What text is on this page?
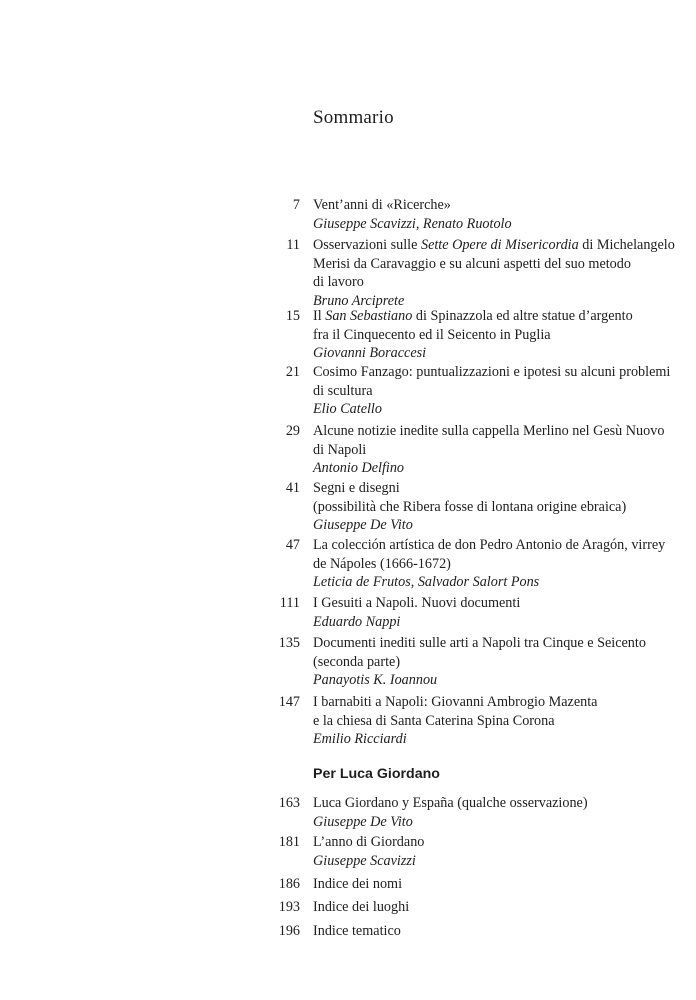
Sommario
7 Vent’anni di «Ricerche»
Giuseppe Scavizzi, Renato Ruotolo
11 Osservazioni sulle Sette Opere di Misericordia di Michelangelo
Merisi da Caravaggio e su alcuni aspetti del suo metodo
di lavoro
Bruno Arciprete
15 Il San Sebastiano di Spinazzola ed altre statue d’argento
fra il Cinquecento ed il Seicento in Puglia
Giovanni Boraccesi
21 Cosimo Fanzago: puntualizzazioni e ipotesi su alcuni problemi
di scultura
Elio Catello
29 Alcune notizie inedite sulla cappella Merlino nel Gesù Nuovo
di Napoli
Antonio Delfino
41 Segni e disegni
(possibilità che Ribera fosse di lontana origine ebraica)
Giuseppe De Vito
47 La colección artística de don Pedro Antonio de Aragón, virrey
de Nápoles (1666-1672)
Leticia de Frutos, Salvador Salort Pons
111 I Gesuiti a Napoli. Nuovi documenti
Eduardo Nappi
135 Documenti inediti sulle arti a Napoli tra Cinque e Seicento
(seconda parte)
Panayotis K. Ioannou
147 I barnabiti a Napoli: Giovanni Ambrogio Mazenta
e la chiesa di Santa Caterina Spina Corona
Emilio Ricciardi
Per Luca Giordano
163 Luca Giordano y España (qualche osservazione)
Giuseppe De Vito
181 L’anno di Giordano
Giuseppe Scavizzi
186 Indice dei nomi
193 Indice dei luoghi
196 Indice tematico
